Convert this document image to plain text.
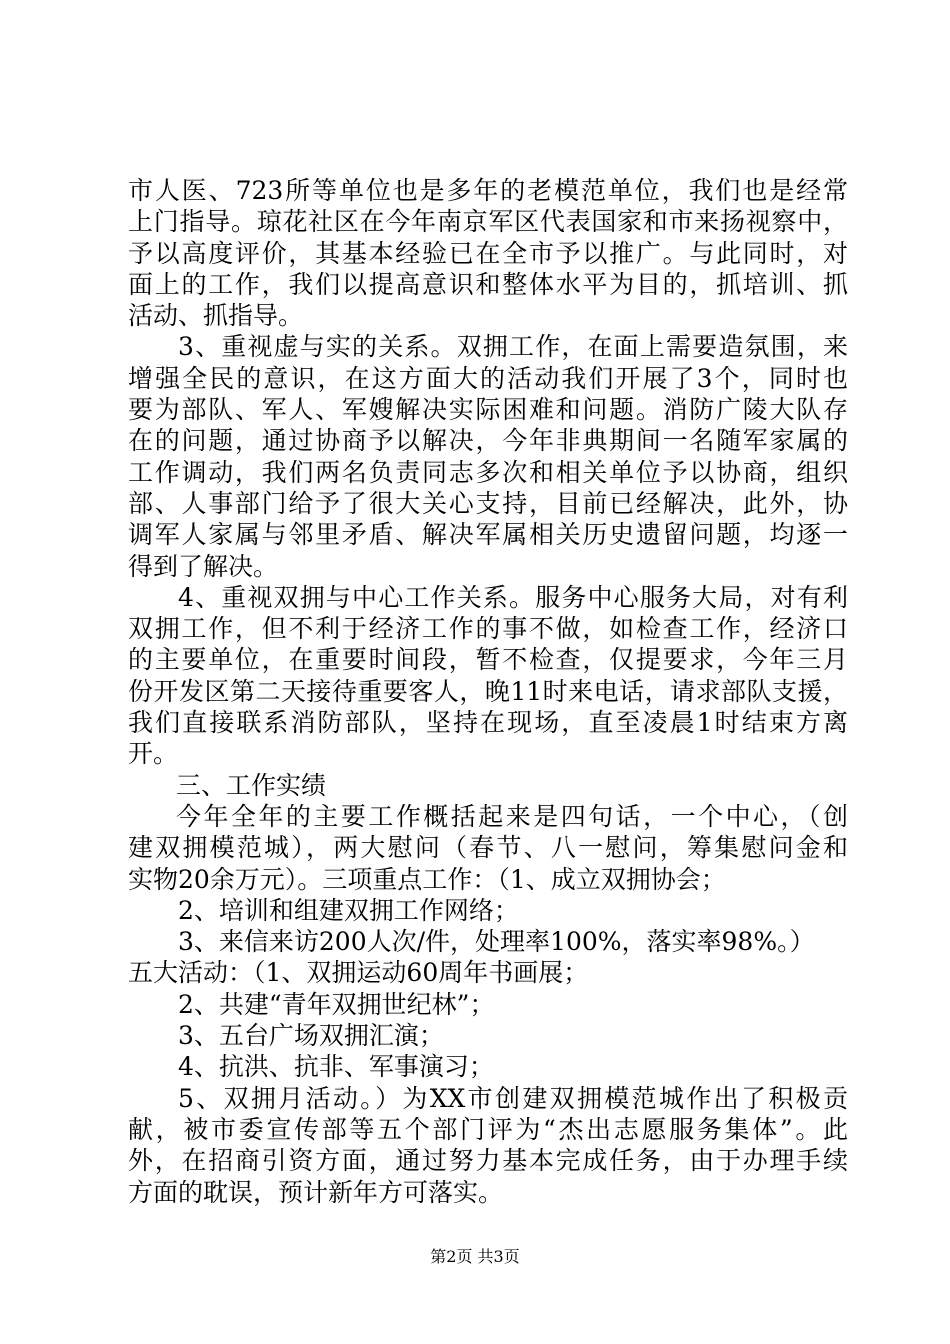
市人医、723所等单位也是多年的老模范单位，我们也是经常
上门指导。琼花社区在今年南京军区代表国家和市来扬视察中，
予以高度评价，其基本经验已在全市予以推广。与此同时，对
面上的工作，我们以提高意识和整体水平为目的，抓培训、抓
活动、抓指导。
3、重视虚与实的关系。双拥工作，在面上需要造氛围，来
增强全民的意识，在这方面大的活动我们开展了3个，同时也
要为部队、军人、军嫂解决实际困难和问题。消防广陵大队存
在的问题，通过协商予以解决，今年非典期间一名随军家属的
工作调动，我们两名负责同志多次和相关单位予以协商，组织
部、人事部门给予了很大关心支持，目前已经解决，此外，协
调军人家属与邻里矛盾、解决军属相关历史遗留问题，均逐一
得到了解决。
4、重视双拥与中心工作关系。服务中心服务大局，对有利
双拥工作，但不利于经济工作的事不做，如检查工作，经济口
的主要单位，在重要时间段，暂不检查，仅提要求，今年三月
份开发区第二天接待重要客人，晚11时来电话，请求部队支援，
我们直接联系消防部队，坚持在现场，直至凌晨1时结束方离
开。
三、工作实绩
今年全年的主要工作概括起来是四句话，一个中心，（创
建双拥模范城），两大慰问（春节、八一慰问，筹集慰问金和
实物20余万元）。三项重点工作：（1、成立双拥协会；
2、培训和组建双拥工作网络；
3、来信来访200人次/件，处理率100%，落实率98%。）
五大活动：（1、双拥运动60周年书画展；
2、共建“青年双拥世纪林”；
3、五台广场双拥汇演；
4、抗洪、抗非、军事演习；
5、双拥月活动。）为XX市创建双拥模范城作出了积极贡
献，被市委宣传部等五个部门评为“杰出志愿服务集体”。此
外，在招商引资方面，通过努力基本完成任务，由于办理手续
方面的耽误，预计新年方可落实。
第2页 共3页
